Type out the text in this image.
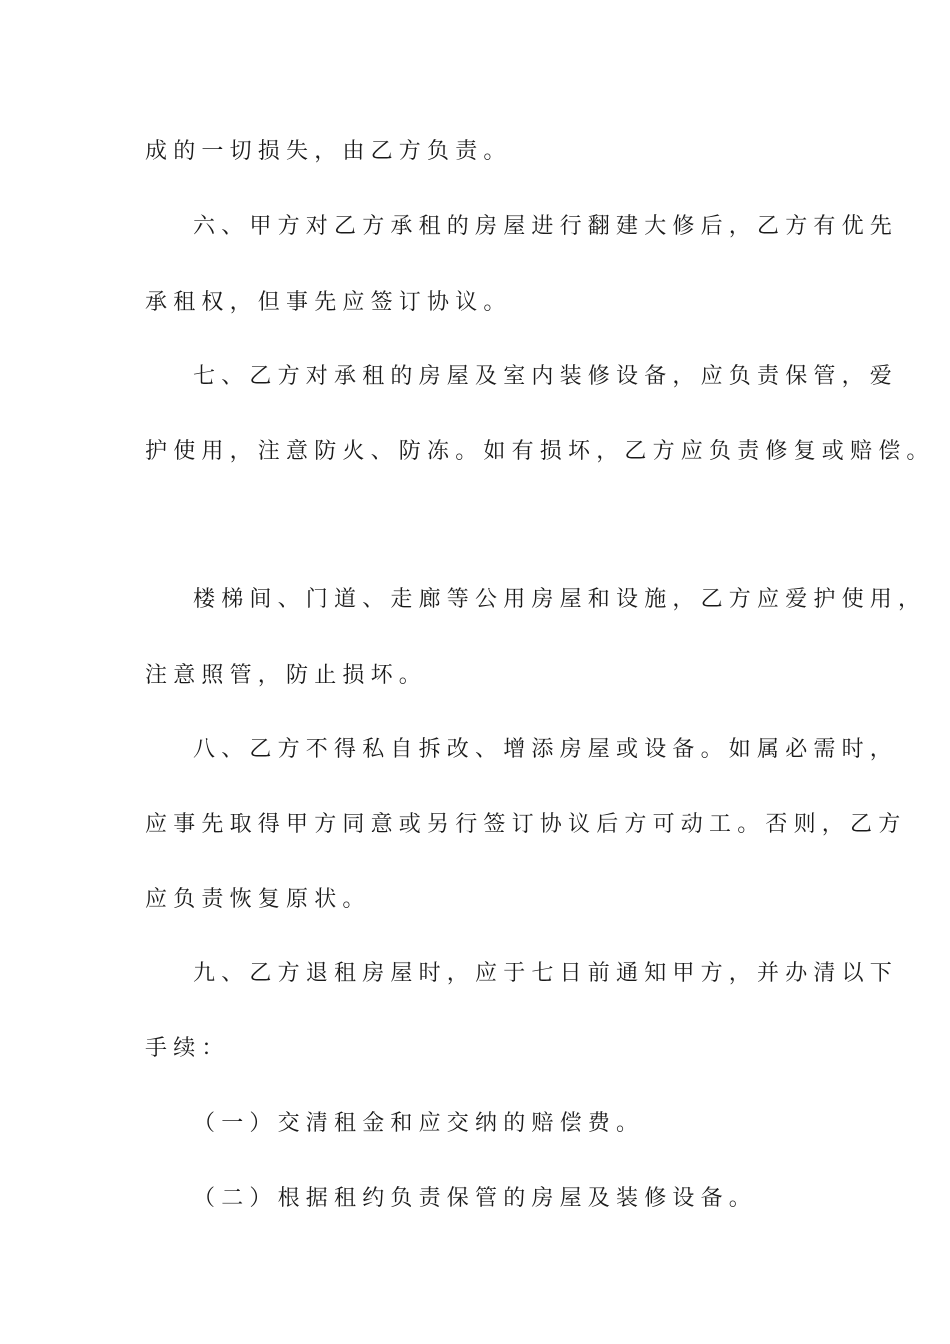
成的一切损失，由乙方负责。
六、甲方对乙方承租的房屋进行翻建大修后，乙方有优先
承租权，但事先应签订协议。
七、乙方对承租的房屋及室内装修设备，应负责保管，爱
护使用，注意防火、防冻。如有损坏，乙方应负责修复或赔偿。
楼梯间、门道、走廊等公用房屋和设施，乙方应爱护使用，
注意照管，防止损坏。
八、乙方不得私自拆改、增添房屋或设备。如属必需时，
应事先取得甲方同意或另行签订协议后方可动工。否则，乙方
应负责恢复原状。
九、乙方退租房屋时，应于七日前通知甲方，并办清以下
手续：
（一）交清租金和应交纳的赔偿费。
（二）根据租约负责保管的房屋及装修设备。
